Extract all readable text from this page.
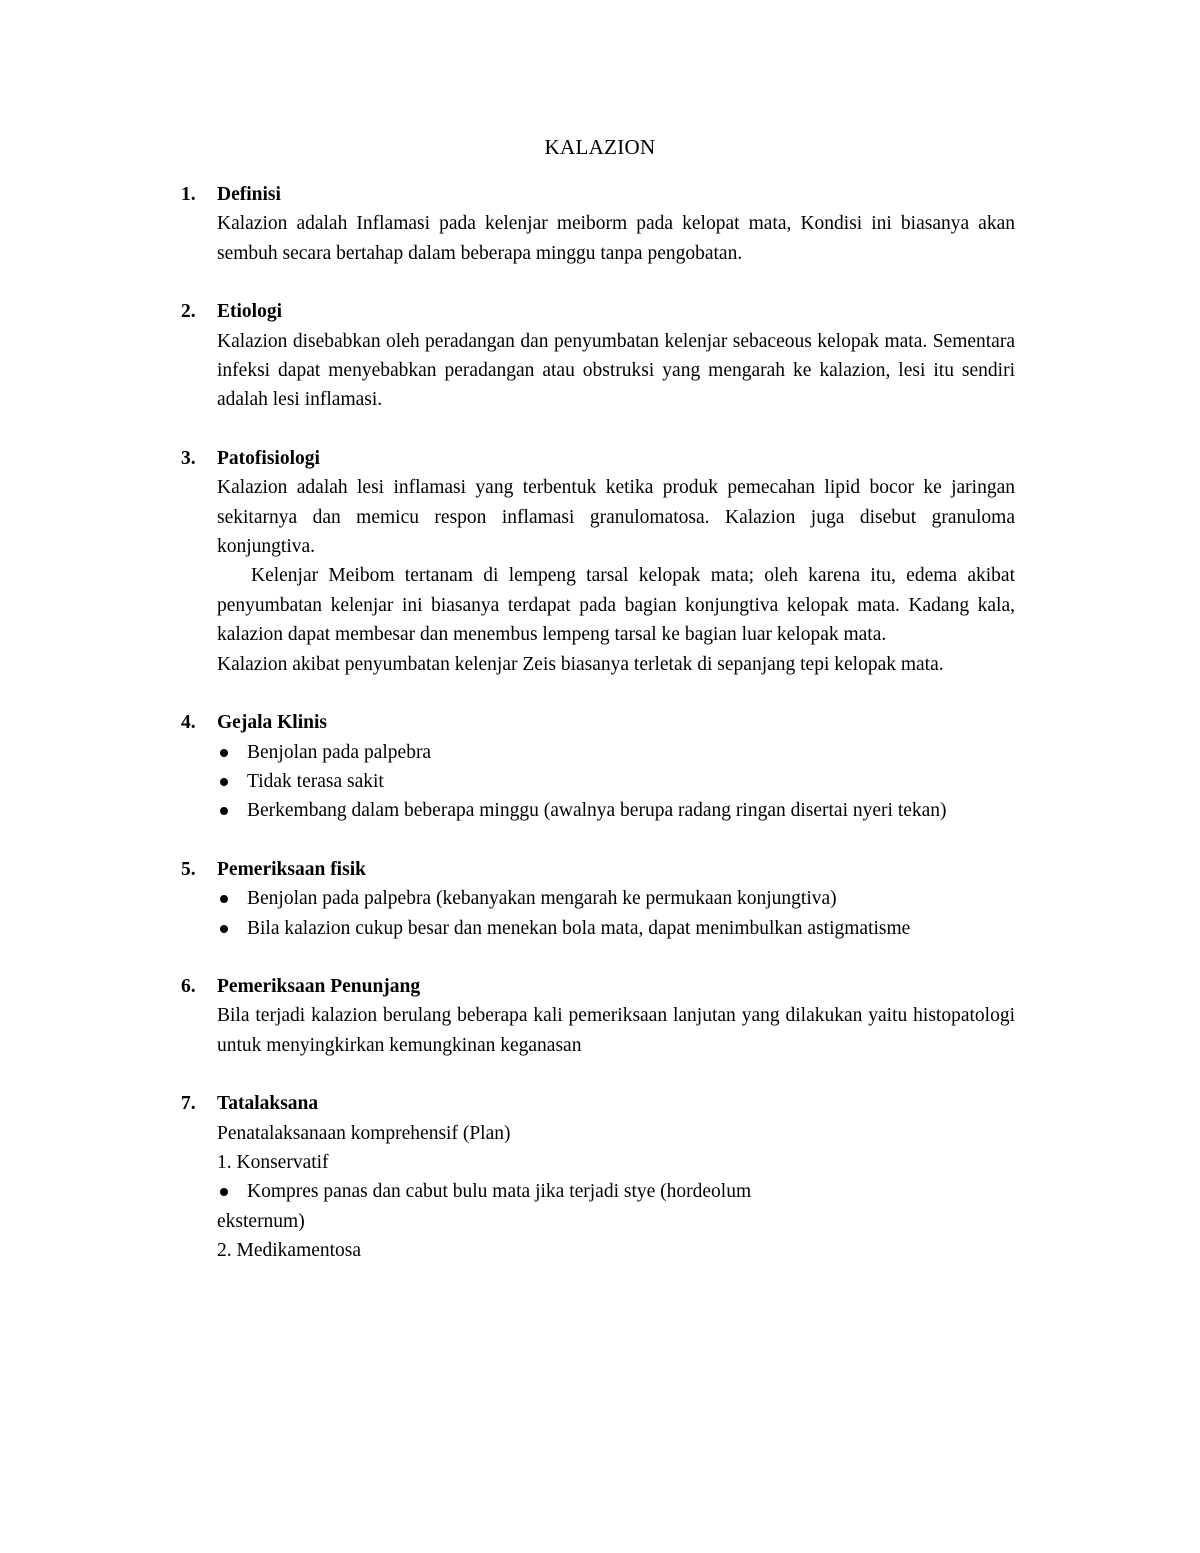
KALAZION
1.	Definisi

Kalazion adalah Inflamasi pada kelenjar meiborm pada kelopat mata, Kondisi ini biasanya akan sembuh secara bertahap dalam beberapa minggu tanpa pengobatan.

2.	Etiologi

Kalazion disebabkan oleh peradangan dan penyumbatan kelenjar sebaceous kelopak mata. Sementara infeksi dapat menyebabkan peradangan atau obstruksi yang mengarah ke kalazion, lesi itu sendiri adalah lesi inflamasi.

3.	Patofisiologi

Kalazion adalah lesi inflamasi yang terbentuk ketika produk pemecahan lipid bocor ke jaringan sekitarnya dan memicu respon inflamasi granulomatosa. Kalazion juga disebut granuloma konjungtiva.

Kelenjar Meibom tertanam di lempeng tarsal kelopak mata; oleh karena itu, edema akibat penyumbatan kelenjar ini biasanya terdapat pada bagian konjungtiva kelopak mata. Kadang kala, kalazion dapat membesar dan menembus lempeng tarsal ke bagian luar kelopak mata.

Kalazion akibat penyumbatan kelenjar Zeis biasanya terletak di sepanjang tepi kelopak mata.

4.	Gejala Klinis
Benjolan pada palpebra
Tidak terasa sakit
Berkembang dalam beberapa minggu (awalnya berupa radang ringan disertai nyeri tekan)
5.	Pemeriksaan fisik
Benjolan pada palpebra (kebanyakan mengarah ke permukaan konjungtiva)
Bila kalazion cukup besar dan menekan bola mata, dapat menimbulkan astigmatisme
6.	Pemeriksaan Penunjang

Bila terjadi kalazion berulang beberapa kali pemeriksaan lanjutan yang dilakukan yaitu histopatologi untuk menyingkirkan kemungkinan keganasan

7.	Tatalaksana

Penatalaksanaan komprehensif (Plan)

1. Konservatif

Kompres panas dan cabut bulu mata jika terjadi stye (hordeolum

eksternum)

2. Medikamentosa
